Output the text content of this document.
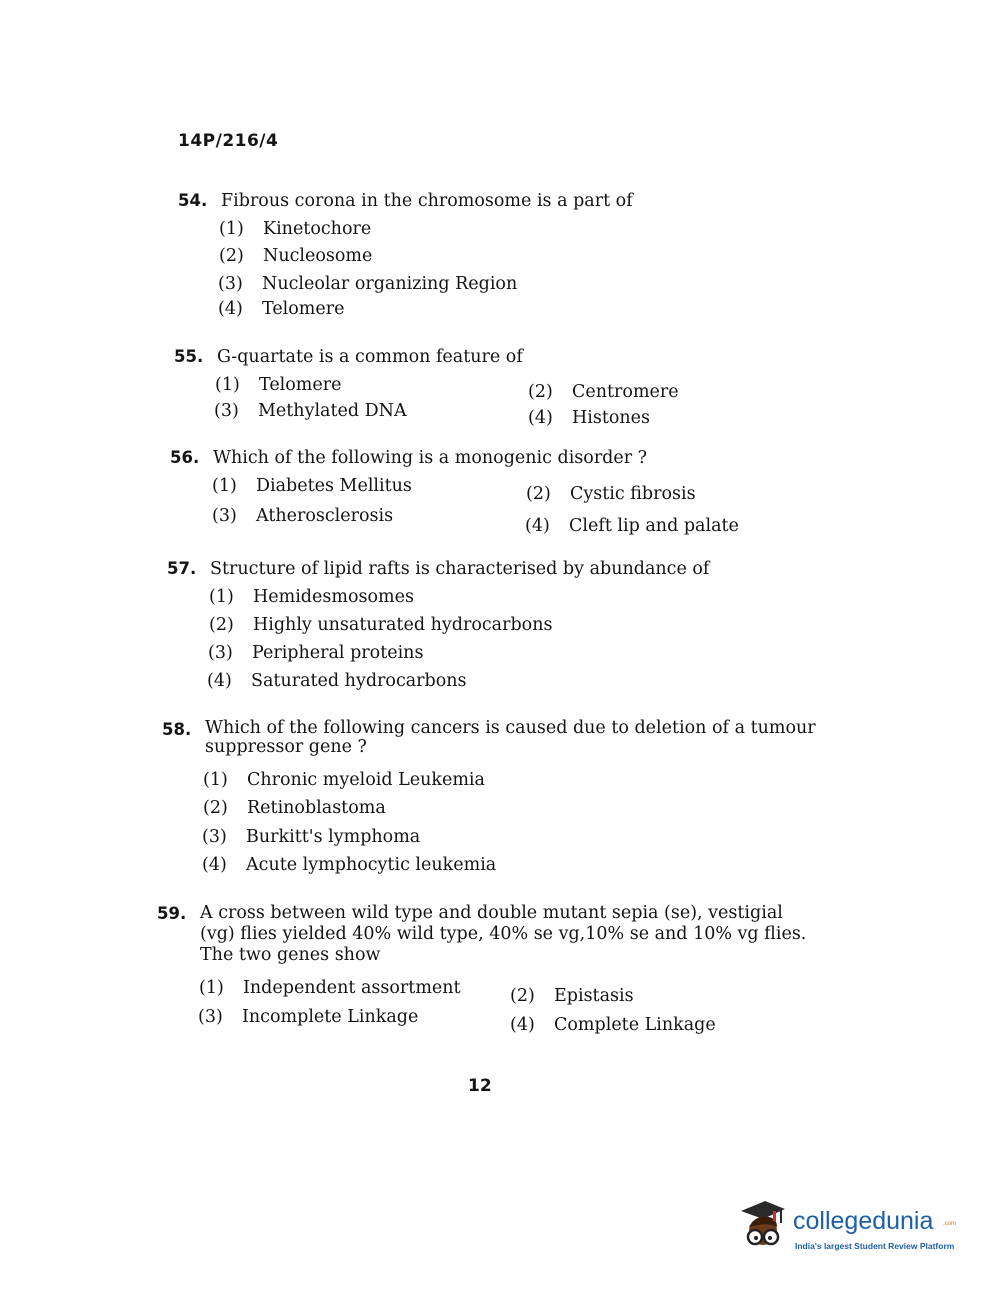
14P/216/4
54. Fibrous corona in the chromosome is a part of
(1) Kinetochore
(2) Nucleosome
(3) Nucleolar organizing Region
(4) Telomere
55. G-quartate is a common feature of
(1) Telomere	(2) Centromere
(3) Methylated DNA	(4) Histones
56. Which of the following is a monogenic disorder ?
(1) Diabetes Mellitus	(2) Cystic fibrosis
(3) Atherosclerosis	(4) Cleft lip and palate
57. Structure of lipid rafts is characterised by abundance of
(1) Hemidesmosomes
(2) Highly unsaturated hydrocarbons
(3) Peripheral proteins
(4) Saturated hydrocarbons
58. Which of the following cancers is caused due to deletion of a tumour suppressor gene ?
(1) Chronic myeloid Leukemia
(2) Retinoblastoma
(3) Burkitt's lymphoma
(4) Acute lymphocytic leukemia
59. A cross between wild type and double mutant sepia (se), vestigial (vg) flies yielded 40% wild type, 40% se vg,10% se and 10% vg flies. The two genes show
(1) Independent assortment	(2) Epistasis
(3) Incomplete Linkage	(4) Complete Linkage
12
collegedunia .com
India's largest Student Review Platform
